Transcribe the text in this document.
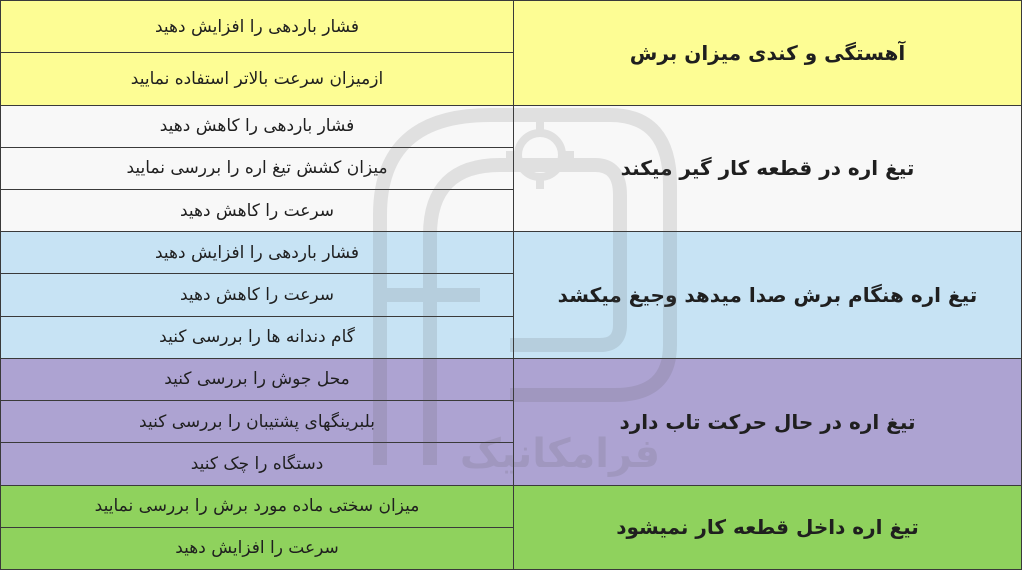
فشار باردهی را افزایش دهید	آهستگی و کندی میزان برش
ازمیزان سرعت بالاتر استفاده نمایید	
فشار باردهی را کاهش دهید	تیغ اره در قطعه کار گیر میکند
میزان کشش تیغ اره را بررسی نمایید	
سرعت را کاهش دهید	
فشار باردهی را افزایش دهید	تیغ اره هنگام برش صدا میدهد وجیغ میکشد
سرعت را کاهش دهید	
گام دندانه ها را بررسی کنید	
محل جوش را بررسی کنید	تیغ اره در حال حرکت تاب دارد
بلبرینگهای پشتیبان را بررسی کنید	
دستگاه را چک کنید	
میزان سختی ماده مورد برش را بررسی نمایید	تیغ اره داخل قطعه کار نمیشود
سرعت را افزایش دهید	
